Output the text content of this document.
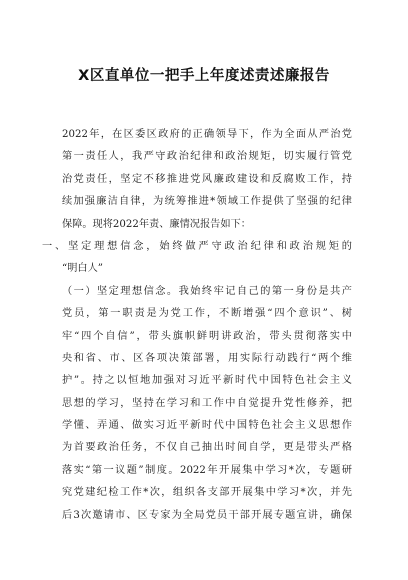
X区直单位一把手上年度述责述廉报告
2022年，在区委区政府的正确领导下，作为全面从严治党
第一责任人，我严守政治纪律和政治规矩，切实履行管党
治党责任，坚定不移推进党风廉政建设和反腐败工作，持
续加强廉洁自律，为统筹推进*领域工作提供了坚强的纪律
保障。现将2022年责、廉情况报告如下：
一、坚定理想信念，始终做严守政治纪律和政治规矩的
“明白人”
（一）坚定理想信念。我始终牢记自己的第一身份是共产
党员，第一职责是为党工作，不断增强“四个意识”、树
牢“四个自信”，带头旗帜鲜明讲政治，带头贯彻落实中
央和省、市、区各项决策部署，用实际行动践行“两个维
护”。持之以恒地加强对习近平新时代中国特色社会主义
思想的学习，坚持在学习和工作中自觉提升党性修养，把
学懂、弄通、做实习近平新时代中国特色社会主义思想作
为首要政治任务，不仅自己抽出时间自学，更是带头严格
落实“第一议题”制度。2022年开展集中学习*次，专题研
究党建纪检工作*次，组织各支部开展集中学习*次，并先
后3次邀请市、区专家为全局党员干部开展专题宣讲，确保
